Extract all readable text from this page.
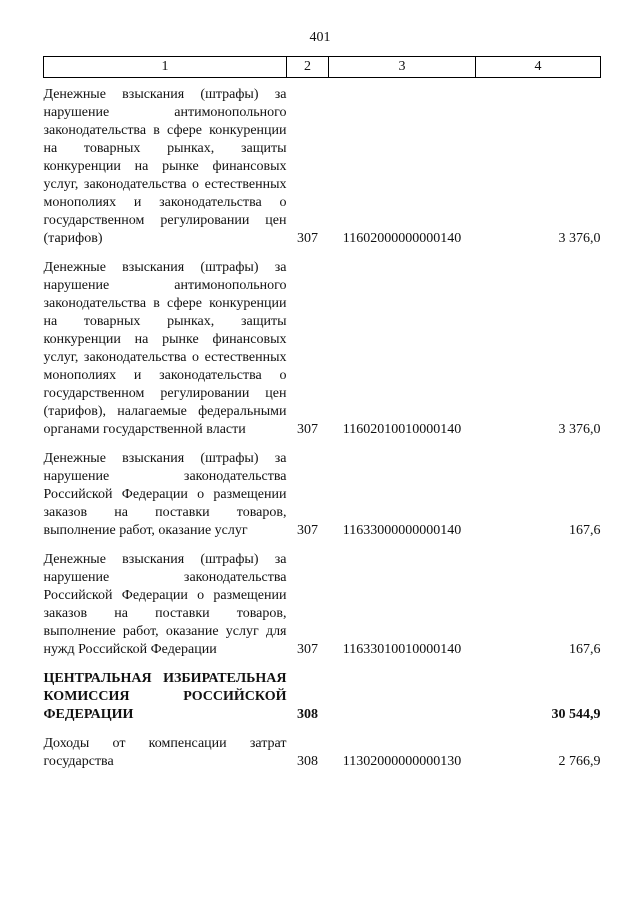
401
1	2	3	4
Денежные взыскания (штрафы) за нарушение антимонопольного законодательства в сфере конкуренции на товарных рынках, защиты конкуренции на рынке финансовых услуг, законодательства о естественных монополиях и законодательства о государственном регулировании цен (тарифов)	307	11602000000000140	3 376,0
Денежные взыскания (штрафы) за нарушение антимонопольного законодательства в сфере конкуренции на товарных рынках, защиты конкуренции на рынке финансовых услуг, законодательства о естественных монополиях и законодательства о государственном регулировании цен (тарифов), налагаемые федеральными органами государственной власти	307	11602010010000140	3 376,0
Денежные взыскания (штрафы) за нарушение законодательства Российской Федерации о размещении заказов на поставки товаров, выполнение работ, оказание услуг	307	11633000000000140	167,6
Денежные взыскания (штрафы) за нарушение законодательства Российской Федерации о размещении заказов на поставки товаров, выполнение работ, оказание услуг для нужд Российской Федерации	307	11633010010000140	167,6
ЦЕНТРАЛЬНАЯ ИЗБИРАТЕЛЬНАЯ КОМИССИЯ РОССИЙСКОЙ ФЕДЕРАЦИИ	308		30 544,9
Доходы от компенсации затрат государства	308	11302000000000130	2 766,9
